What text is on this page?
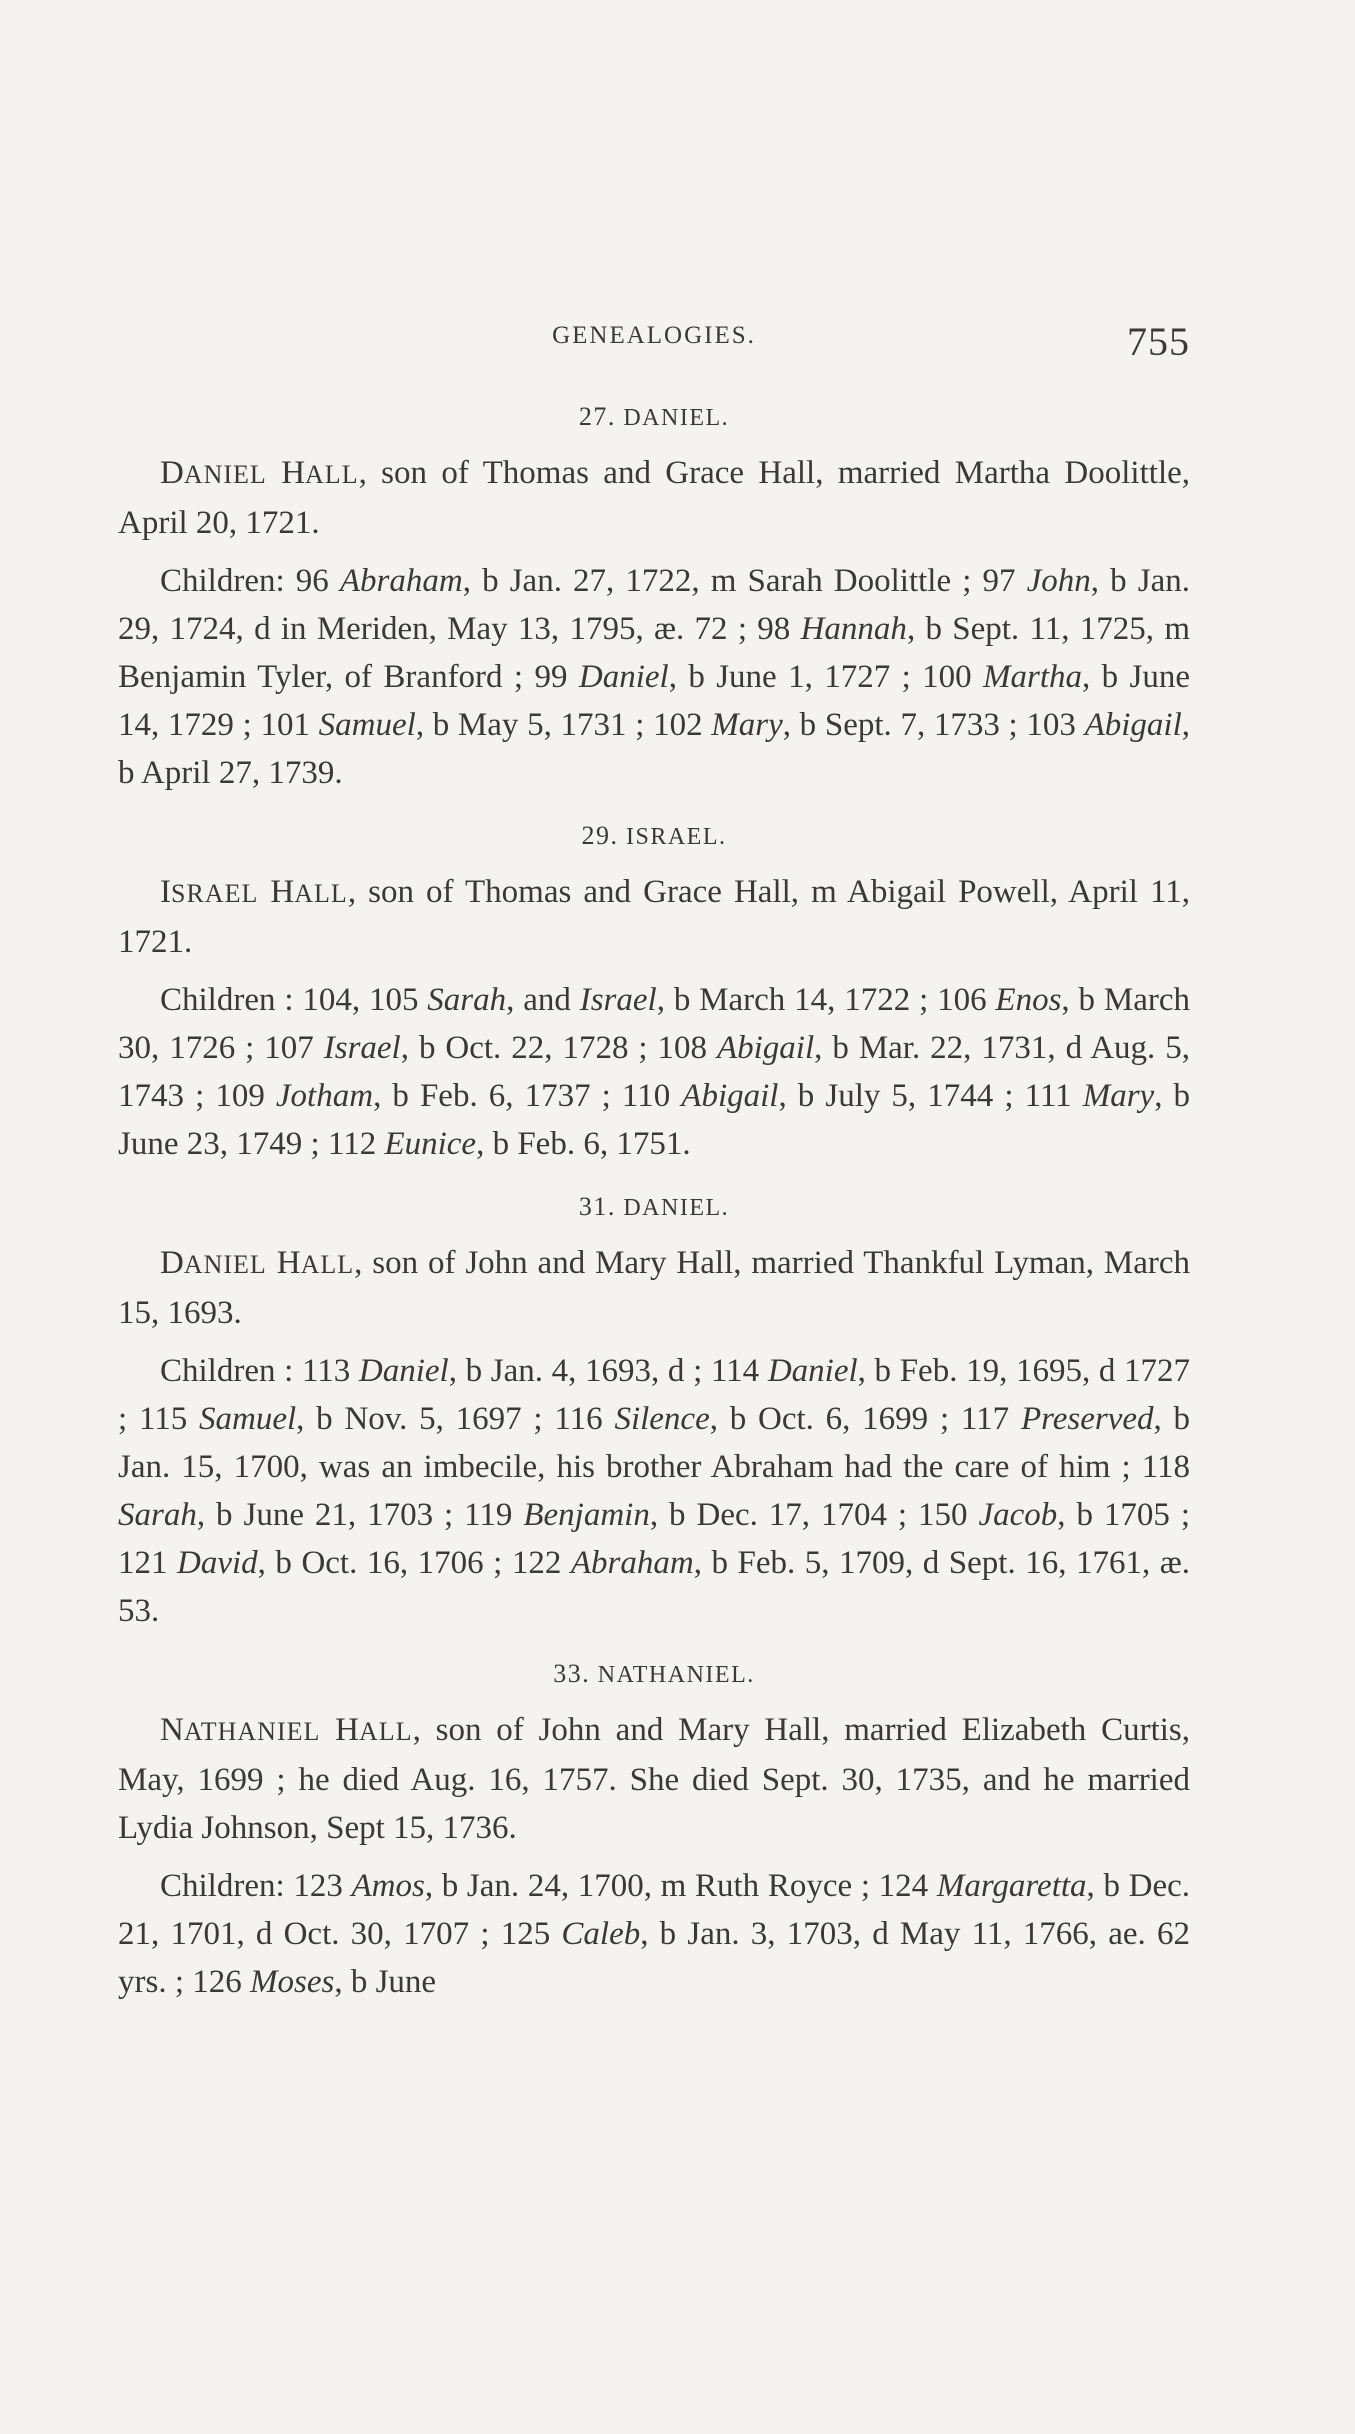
GENEALOGIES.	755
27. DANIEL.

DANIEL HALL, son of Thomas and Grace Hall, married Martha Doolittle, April 20, 1721.

Children: 96 Abraham, b Jan. 27, 1722, m Sarah Doolittle ; 97 John, b Jan. 29, 1724, d in Meriden, May 13, 1795, æ. 72 ; 98 Hannah, b Sept. 11, 1725, m Benjamin Tyler, of Branford ; 99 Daniel, b June 1, 1727 ; 100 Martha, b June 14, 1729 ; 101 Samuel, b May 5, 1731 ; 102 Mary, b Sept. 7, 1733 ; 103 Abigail, b April 27, 1739.

29. ISRAEL.

ISRAEL HALL, son of Thomas and Grace Hall, m Abigail Powell, April 11, 1721.

Children : 104, 105 Sarah, and Israel, b March 14, 1722 ; 106 Enos, b March 30, 1726 ; 107 Israel, b Oct. 22, 1728 ; 108 Abigail, b Mar. 22, 1731, d Aug. 5, 1743 ; 109 Jotham, b Feb. 6, 1737 ; 110 Abigail, b July 5, 1744 ; 111 Mary, b June 23, 1749 ; 112 Eunice, b Feb. 6, 1751.

31. DANIEL.

DANIEL HALL, son of John and Mary Hall, married Thankful Lyman, March 15, 1693.

Children : 113 Daniel, b Jan. 4, 1693, d ; 114 Daniel, b Feb. 19, 1695, d 1727 ; 115 Samuel, b Nov. 5, 1697 ; 116 Silence, b Oct. 6, 1699 ; 117 Preserved, b Jan. 15, 1700, was an imbecile, his brother Abraham had the care of him ; 118 Sarah, b June 21, 1703 ; 119 Benjamin, b Dec. 17, 1704 ; 150 Jacob, b 1705 ; 121 David, b Oct. 16, 1706 ; 122 Abraham, b Feb. 5, 1709, d Sept. 16, 1761, æ. 53.

33. NATHANIEL.

NATHANIEL HALL, son of John and Mary Hall, married Elizabeth Curtis, May, 1699 ; he died Aug. 16, 1757. She died Sept. 30, 1735, and he married Lydia Johnson, Sept 15, 1736.

Children: 123 Amos, b Jan. 24, 1700, m Ruth Royce ; 124 Margaretta, b Dec. 21, 1701, d Oct. 30, 1707 ; 125 Caleb, b Jan. 3, 1703, d May 11, 1766, ae. 62 yrs. ; 126 Moses, b June
